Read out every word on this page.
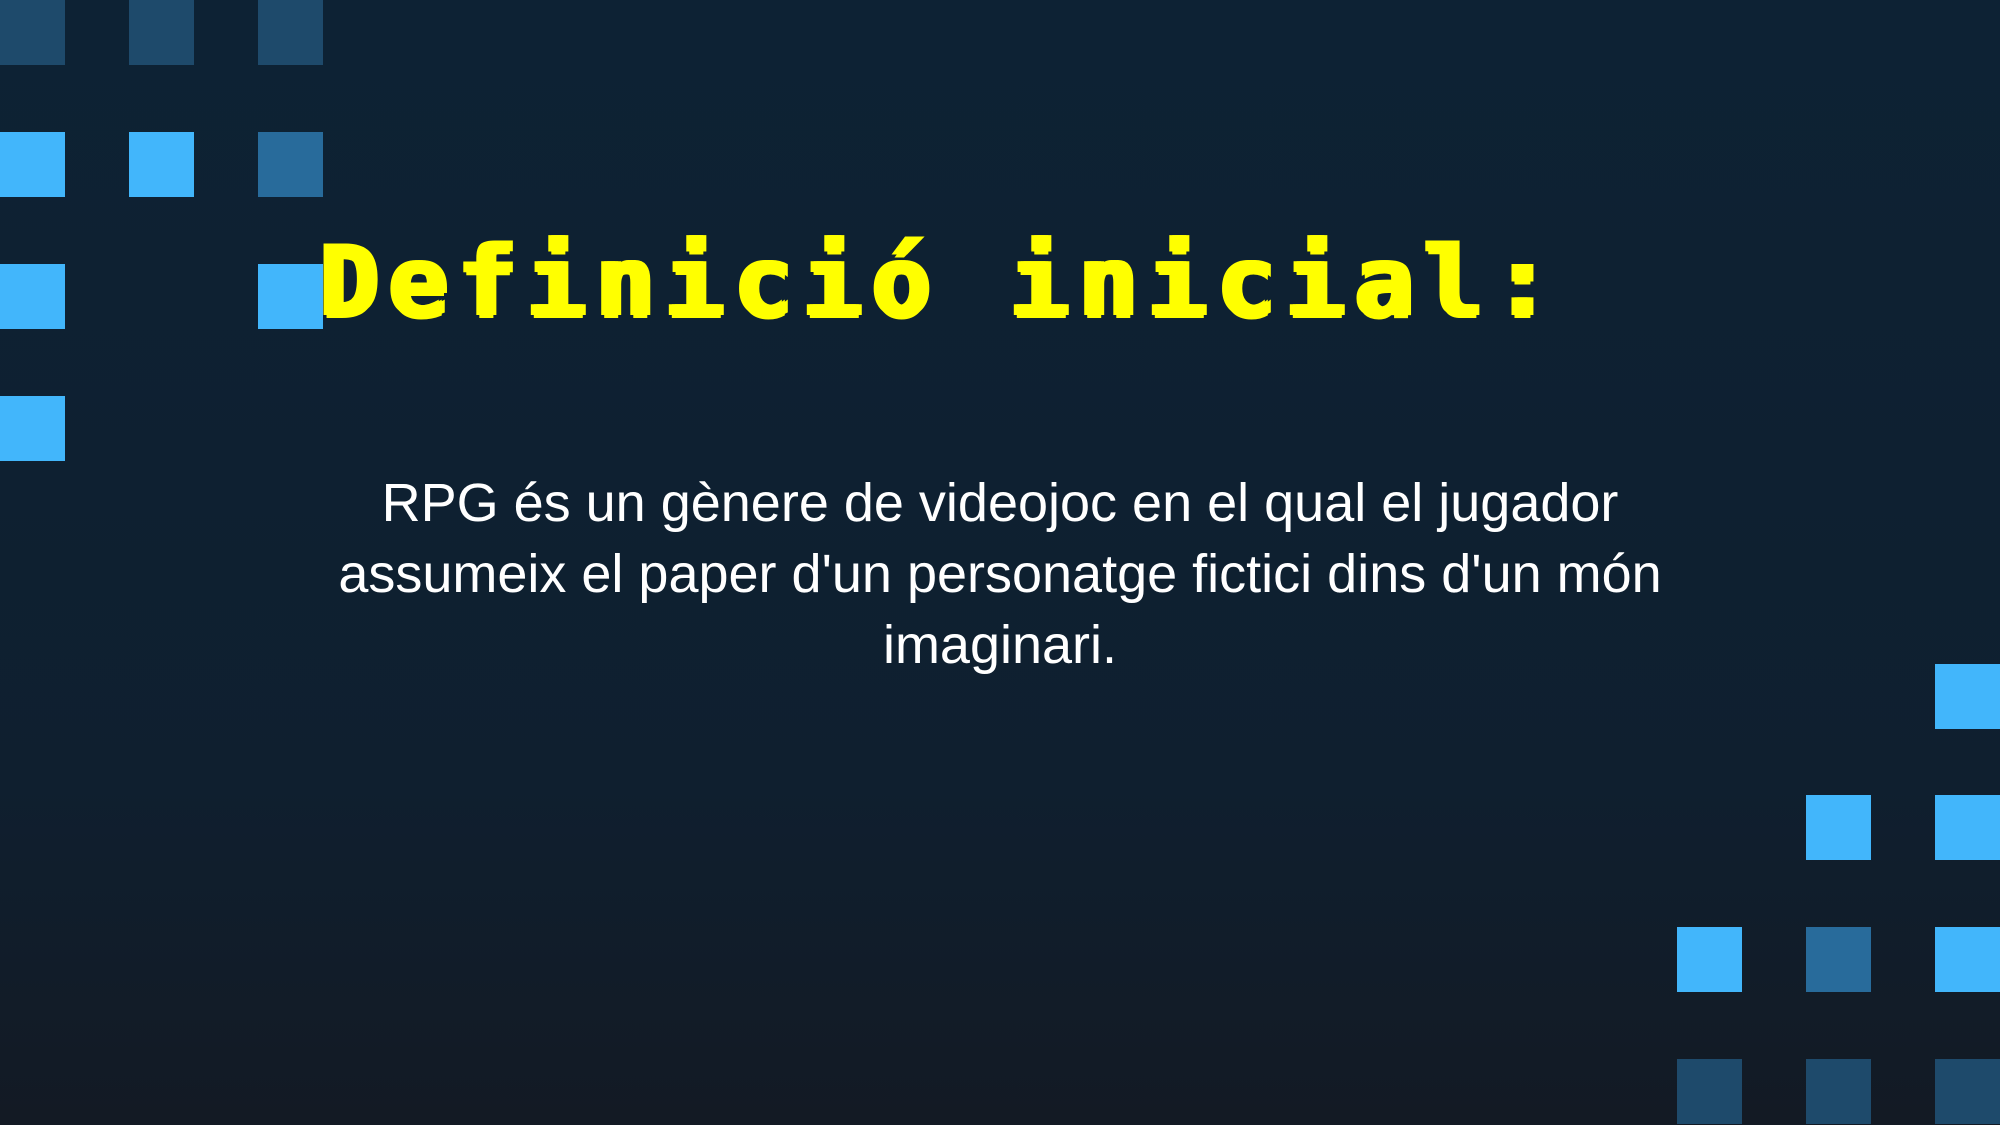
Definició inicial:

RPG és un gènere de videojoc en el qual el jugador assumeix el paper d'un personatge fictici dins d'un món imaginari.
